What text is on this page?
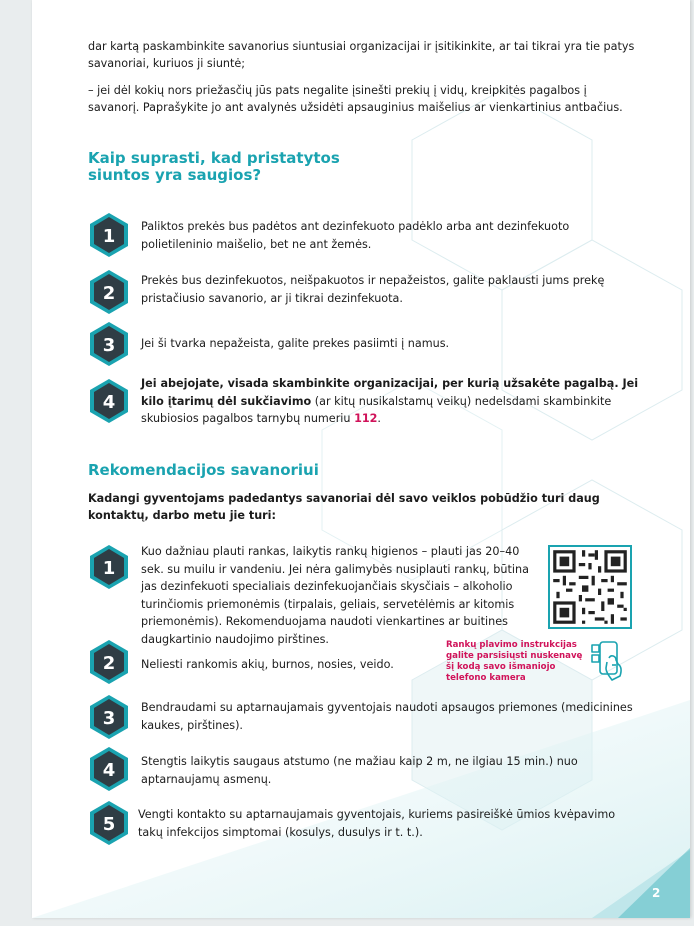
dar kartą paskambinkite savanorius siuntusiai organizacijai ir įsitikinkite, ar tai tikrai yra tie patys savanoriai, kuriuos ji siuntė;
– jei dėl kokių nors priežasčių jūs pats negalite įsinešti prekių į vidų, kreipkitės pagalbos į savanorį. Paprašykite jo ant avalynės užsidėti apsauginius maišelius ar vienkartinius antbačius.
Kaip suprasti, kad pristatytos
siuntos yra saugios?
1 Paliktos prekės bus padėtos ant dezinfekuoto padėklo arba ant dezinfekuoto polietileninio maišelio, bet ne ant žemės.
2
Prekės bus dezinfekuotos, neišpakuotos ir nepažeistos, galite paklausti jums prekę pristačiusio savanorio, ar ji tikrai dezinfekuota.
3 Jei ši tvarka nepažeista, galite prekes pasiimti į namus.
4
Jei abejojate, visada skambinkite organizacijai, per kurią užsakėte pagalbą. Jei kilo įtarimų dėl sukčiavimo (ar kitų nusikalstamų veikų) nedelsdami skambinkite skubiosios pagalbos tarnybų numeriu 112.
Rekomendacijos savanoriui
Kadangi gyventojams padedantys savanoriai dėl savo veiklos pobūdžio turi daug kontaktų, darbo metu jie turi:
1
Kuo dažniau plauti rankas, laikytis rankų higienos – plauti jas 20–40 sek. su muilu ir vandeniu. Jei nėra galimybės nusiplauti rankų, būtina jas dezinfekuoti specialiais dezinfekuojančiais skysčiais – alkoholio turinčiomis priemonėmis (tirpalais, geliais, servetėlėmis ar kitomis priemonėmis). Rekomenduojama naudoti vienkartines ar buitines daugkartinio naudojimo pirštines.	Rankų plavimo instrukcijas galite parsisiųsti nuskenavę šį kodą savo išmaniojo telefono kamera
2 Neliesti rankomis akių, burnos, nosies, veido.
3
Bendraudami su aptarnaujamais gyventojais naudoti apsaugos priemones (medicinines kaukes, pirštines).
4 Stengtis laikytis saugaus atstumo (ne mažiau kaip 2 m, ne ilgiau 15 min.) nuo aptarnaujamų asmenų.
5 Vengti kontakto su aptarnaujamais gyventojais, kuriems pasireiškė ūmios kvėpavimo takų infekcijos simptomai (kosulys, dusulys ir t. t.).
2
